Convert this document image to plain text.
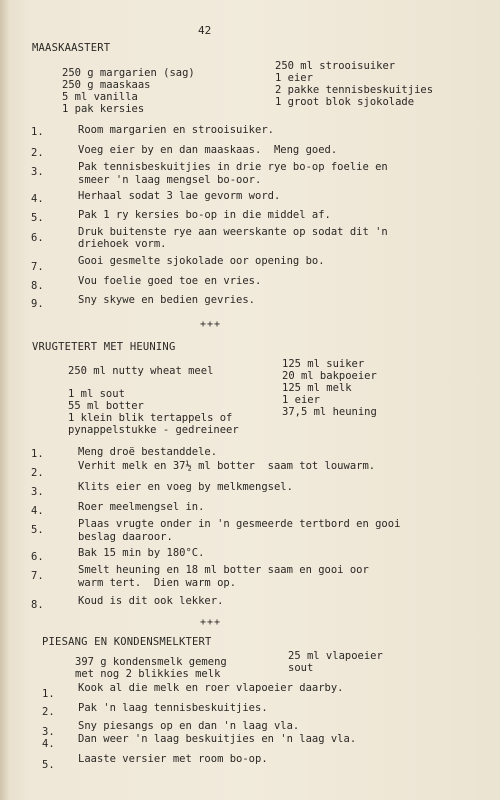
42
MAASKAASTERT
250 g margarien (sag)
250 g maaskaas
5 ml vanilla
1 pak kersies
250 ml strooisuiker
1 eier
2 pakke tennisbeskuitjies
1 groot blok sjokolade
1.	Room margarien en strooisuiker.
2.	Voeg eier by en dan maaskaas.  Meng goed.
3.	Pak tennisbeskuitjies in drie rye bo-op foelie en
smeer 'n laag mengsel bo-oor.
4.	Herhaal sodat 3 lae gevorm word.
5.	Pak 1 ry kersies bo-op in die middel af.
6.	Druk buitenste rye aan weerskante op sodat dit 'n
driehoek vorm.
7.	Gooi gesmelte sjokolade oor opening bo.
8.	Vou foelie goed toe en vries.
9.	Sny skywe en bedien gevries.
+++
VRUGTETERT MET HEUNING
250 ml nutty wheat meel
1 ml sout
55 ml botter
1 klein blik tertappels of
pynappelstukke - gedreineer
125 ml suiker
20 ml bakpoeier
125 ml melk
1 eier
37,5 ml heuning
1.	Meng droë bestanddele.
2.
Verhit melk en 37½ ml botter  saam tot louwarm.
3.	Klits eier en voeg by melkmengsel.
4.	Roer meelmengsel in.
5.	Plaas vrugte onder in 'n gesmeerde tertbord en gooi
beslag daaroor.
6.	Bak 15 min by 180°C.
7.	Smelt heuning en 18 ml botter saam en gooi oor
warm tert.  Dien warm op.
8.	Koud is dit ook lekker.
+++
PIESANG EN KONDENSMELKTERT
397 g kondensmelk gemeng
met nog 2 blikkies melk
25 ml vlapoeier
sout
1. Kook al die melk en roer vlapoeier daarby.
2. Pak 'n laag tennisbeskuitjies.
3. Sny piesangs op en dan 'n laag vla.
4. Dan weer 'n laag beskuitjies en 'n laag vla.
5. Laaste versier met room bo-op.
